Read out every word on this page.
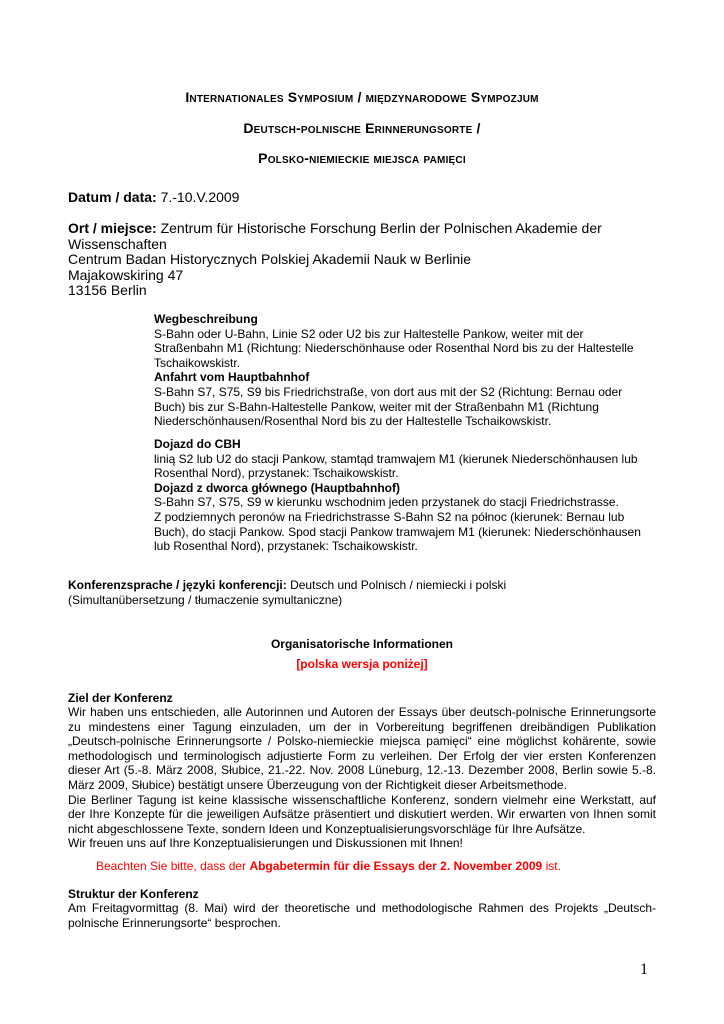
Internationales Symposium / międzynarodowe Sympozjum
Deutsch-polnische Erinnerungsorte /
Polsko-niemieckie miejsca pamięci
Datum / data: 7.-10.V.2009
Ort / miejsce: Zentrum für Historische Forschung Berlin der Polnischen Akademie der
Wissenschaften
Centrum Badan Historycznych Polskiej Akademii Nauk w Berlinie
Majakowskiring 47
13156 Berlin
Wegbeschreibung
S-Bahn oder U-Bahn, Linie S2 oder U2 bis zur Haltestelle Pankow, weiter mit der
Straßenbahn M1 (Richtung: Niederschönhause oder Rosenthal Nord bis zu der Haltestelle
Tschaikowskistr.
Anfahrt vom Hauptbahnhof
S-Bahn S7, S75, S9 bis Friedrichstraße, von dort aus mit der S2 (Richtung: Bernau oder
Buch) bis zur S-Bahn-Haltestelle Pankow, weiter mit der Straßenbahn M1 (Richtung
Niederschönhausen/Rosenthal Nord bis zu der Haltestelle Tschaikowskistr.
Dojazd do CBH
linią S2 lub U2 do stacji Pankow, stamtąd tramwajem M1 (kierunek Niederschönhausen lub
Rosenthal Nord), przystanek: Tschaikowskistr.
Dojazd z dworca głównego (Hauptbahnhof)
S-Bahn S7, S75, S9 w kierunku wschodnim jeden przystanek do stacji Friedrichstrasse.
Z podziemnych peronów na Friedrichstrasse S-Bahn S2 na północ (kierunek: Bernau lub
Buch), do stacji Pankow. Spod stacji Pankow tramwajem M1 (kierunek: Niederschönhausen
lub Rosenthal Nord), przystanek: Tschaikowskistr.
Konferenzsprache / języki konferencji: Deutsch und Polnisch / niemiecki i polski
(Simultanübersetzung / tłumaczenie symultaniczne)
Organisatorische Informationen
[polska wersja poniżej]
Ziel der Konferenz
Wir haben uns entschieden, alle Autorinnen und Autoren der Essays über deutsch-polnische Erinnerungsorte zu mindestens einer Tagung einzuladen, um der in Vorbereitung begriffenen dreibändigen Publikation „Deutsch-polnische Erinnerungsorte / Polsko-niemieckie miejsca pamięci“ eine möglichst kohärente, sowie methodologisch und terminologisch adjustierte Form zu verleihen. Der Erfolg der vier ersten Konferenzen dieser Art (5.-8. März 2008, Słubice, 21.-22. Nov. 2008 Lüneburg, 12.-13. Dezember 2008, Berlin sowie 5.-8. März 2009, Słubice) bestätigt unsere Überzeugung von der Richtigkeit dieser Arbeitsmethode.
Die Berliner Tagung ist keine klassische wissenschaftliche Konferenz, sondern vielmehr eine Werkstatt, auf der Ihre Konzepte für die jeweiligen Aufsätze präsentiert und diskutiert werden. Wir erwarten von Ihnen somit nicht abgeschlossene Texte, sondern Ideen und Konzeptualisierungsvorschläge für Ihre Aufsätze.
Wir freuen uns auf Ihre Konzeptualisierungen und Diskussionen mit Ihnen!
Beachten Sie bitte, dass der Abgabetermin für die Essays der 2. November 2009 ist.
Struktur der Konferenz
Am Freitagvormittag (8. Mai) wird der theoretische und methodologische Rahmen des Projekts „Deutsch-polnische Erinnerungsorte“ besprochen.
1
